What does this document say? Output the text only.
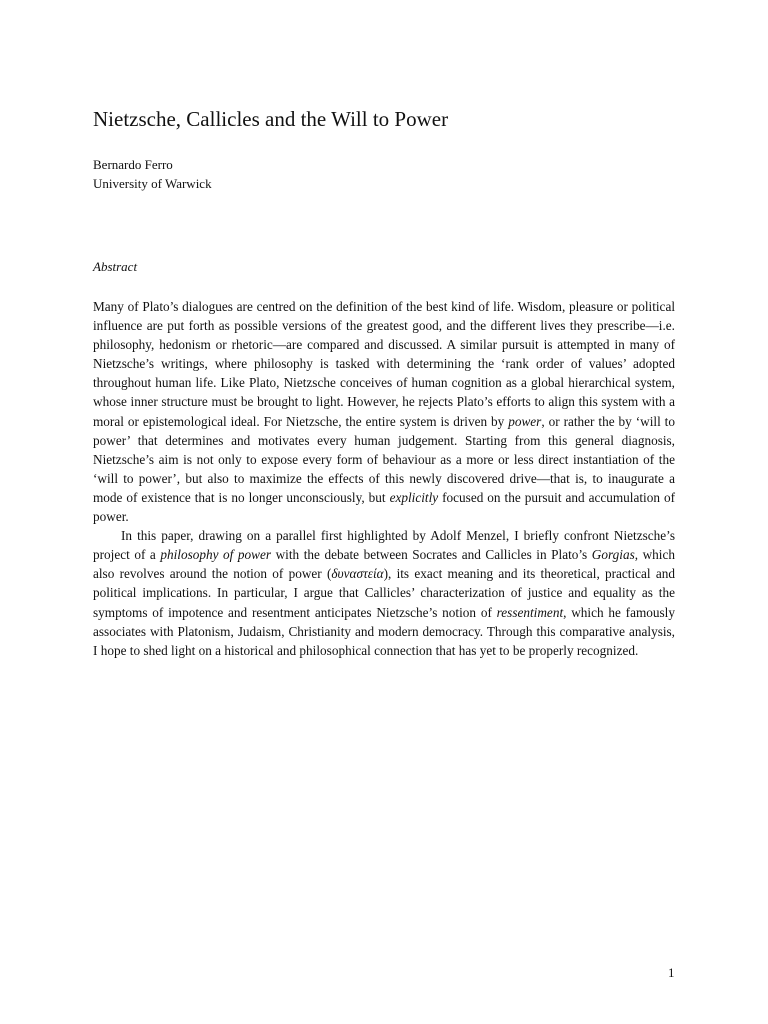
Nietzsche, Callicles and the Will to Power
Bernardo Ferro
University of Warwick
Abstract

Many of Plato’s dialogues are centred on the definition of the best kind of life. Wisdom, pleasure or political influence are put forth as possible versions of the greatest good, and the different lives they prescribe—i.e. philosophy, hedonism or rhetoric—are compared and discussed. A similar pursuit is attempted in many of Nietzsche’s writings, where philosophy is tasked with determining the ‘rank order of values’ adopted throughout human life. Like Plato, Nietzsche conceives of human cognition as a global hierarchical system, whose inner structure must be brought to light. However, he rejects Plato’s efforts to align this system with a moral or epistemological ideal. For Nietzsche, the entire system is driven by power, or rather the by ‘will to power’ that determines and motivates every human judgement. Starting from this general diagnosis, Nietzsche’s aim is not only to expose every form of behaviour as a more or less direct instantiation of the ‘will to power’, but also to maximize the effects of this newly discovered drive—that is, to inaugurate a mode of existence that is no longer unconsciously, but explicitly focused on the pursuit and accumulation of power.

In this paper, drawing on a parallel first highlighted by Adolf Menzel, I briefly confront Nietzsche’s project of a philosophy of power with the debate between Socrates and Callicles in Plato’s Gorgias, which also revolves around the notion of power (δυναστεία), its exact meaning and its theoretical, practical and political implications. In particular, I argue that Callicles’ characterization of justice and equality as the symptoms of impotence and resentment anticipates Nietzsche’s notion of ressentiment, which he famously associates with Platonism, Judaism, Christianity and modern democracy. Through this comparative analysis, I hope to shed light on a historical and philosophical connection that has yet to be properly recognized.

1
